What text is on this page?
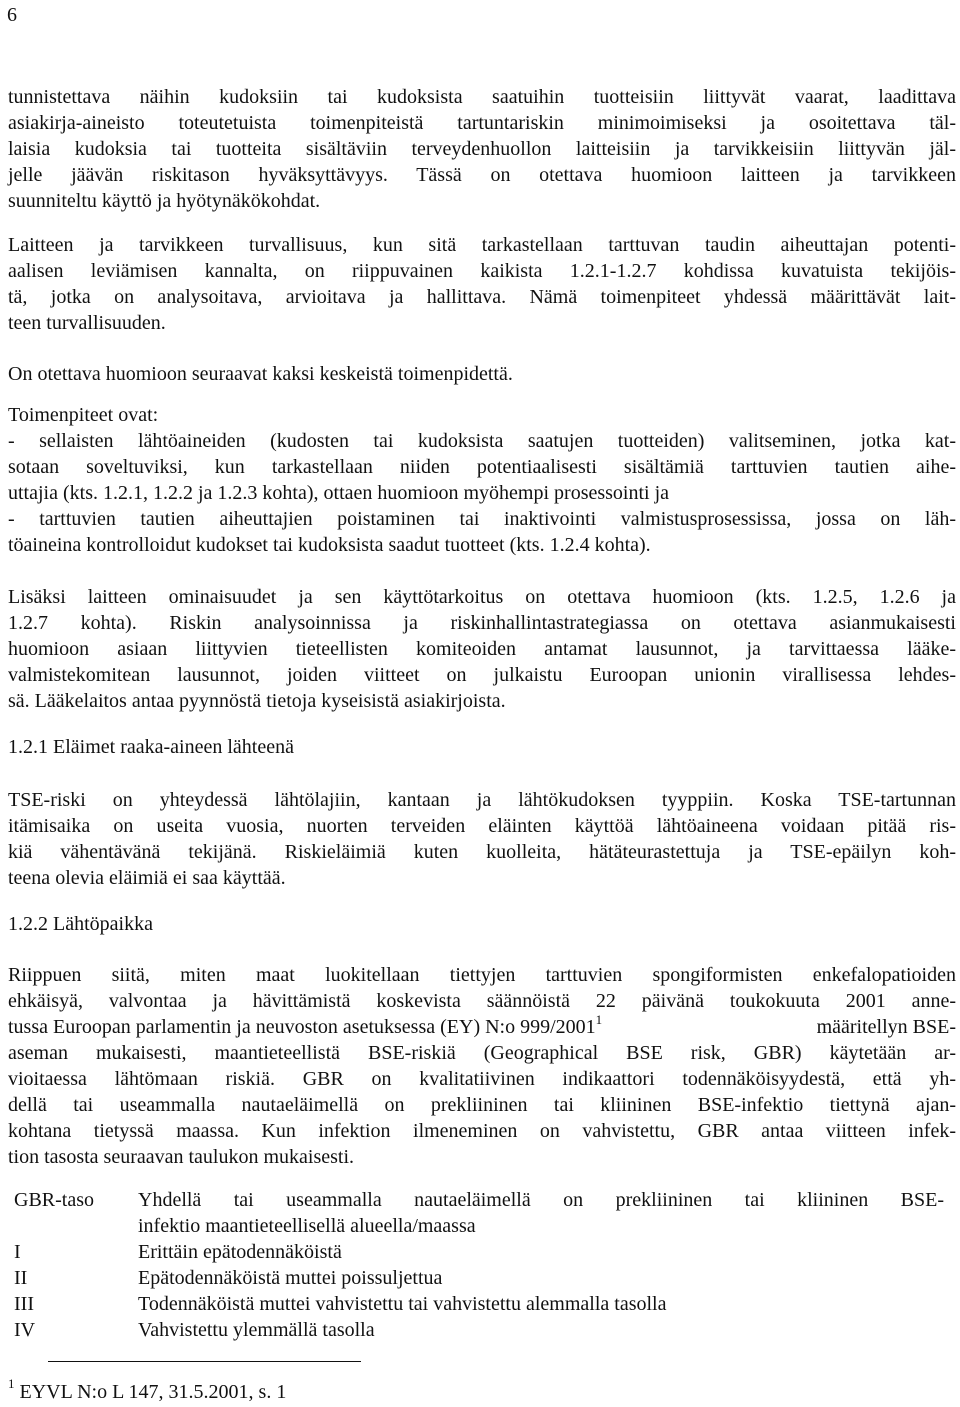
6
tunnistettava näihin kudoksiin tai kudoksista saatuihin tuotteisiin liittyvät vaarat, laadittava
asiakirja-aineisto toteutetuista toimenpiteistä tartuntariskin minimoimiseksi ja osoitettava täl-
laisia kudoksia tai tuotteita sisältäviin terveydenhuollon laitteisiin ja tarvikkeisiin liittyvän jäl-
jelle jäävän riskitason hyväksyttävyys. Tässä on otettava huomioon laitteen ja tarvikkeen
suunniteltu käyttö ja hyötynäkökohdat.
Laitteen ja tarvikkeen turvallisuus, kun sitä tarkastellaan tarttuvan taudin aiheuttajan potenti-
aalisen leviämisen kannalta, on riippuvainen kaikista 1.2.1-1.2.7 kohdissa kuvatuista tekijöis-
tä, jotka on analysoitava, arvioitava ja hallittava. Nämä toimenpiteet yhdessä määrittävät lait-
teen turvallisuuden.
On otettava huomioon seuraavat kaksi keskeistä toimenpidettä.
Toimenpiteet ovat:
- sellaisten lähtöaineiden (kudosten tai kudoksista saatujen tuotteiden) valitseminen, jotka kat-
sotaan soveltuviksi, kun tarkastellaan niiden potentiaalisesti sisältämiä tarttuvien tautien aihe-
uttajia (kts. 1.2.1, 1.2.2 ja 1.2.3 kohta), ottaen huomioon myöhempi prosessointi ja
- tarttuvien tautien aiheuttajien poistaminen tai inaktivointi valmistusprosessissa, jossa on läh-
töaineina kontrolloidut kudokset tai kudoksista saadut tuotteet (kts. 1.2.4 kohta).
Lisäksi laitteen ominaisuudet ja sen käyttötarkoitus on otettava huomioon (kts. 1.2.5, 1.2.6 ja
1.2.7 kohta). Riskin analysoinnissa ja riskinhallintastrategiassa on otettava asianmukaisesti
huomioon asiaan liittyvien tieteellisten komiteoiden antamat lausunnot, ja tarvittaessa lääke-
valmistekomitean lausunnot, joiden viitteet on julkaistu Euroopan unionin virallisessa lehdes-
sä. Lääkelaitos antaa pyynnöstä tietoja kyseisistä asiakirjoista.
1.2.1 Eläimet raaka-aineen lähteenä
TSE-riski on yhteydessä lähtölajiin, kantaan ja lähtökudoksen tyyppiin. Koska TSE-tartunnan
itämisaika on useita vuosia, nuorten terveiden eläinten käyttöä lähtöaineena voidaan pitää ris-
kiä vähentävänä tekijänä. Riskieläimiä kuten kuolleita, hätäteurastettuja ja TSE-epäilyn koh-
teena olevia eläimiä ei saa käyttää.
1.2.2 Lähtöpaikka
Riippuen siitä, miten maat luokitellaan tiettyjen tarttuvien spongiformisten enkefalopatioiden
ehkäisyä, valvontaa ja hävittämistä koskevista säännöistä 22 päivänä toukokuuta 2001 anne-
tussa Euroopan parlamentin ja neuvoston asetuksessa (EY) N:o 999/2001$^1$	määritellyn BSE-
aseman mukaisesti, maantieteellistä BSE-riskiä (Geographical BSE risk, GBR) käytetään ar-
vioitaessa lähtömaan riskiä. GBR on kvalitatiivinen indikaattori todennäköisyydestä, että yh-
dellä tai useammalla nautaeläimellä on prekliininen tai kliininen BSE-infektio tiettynä ajan-
kohtana tietyssä maassa. Kun infektion ilmeneminen on vahvistettu, GBR antaa viitteen infek-
tion tasosta seuraavan taulukon mukaisesti.
GBR-taso	Yhdellä tai useammalla nautaeläimellä on prekliininen tai kliininen BSE-
infektio maantieteellisellä alueella/maassa

I	Erittäin epätodennäköistä
II	Epätodennäköistä muttei poissuljettua
III	Todennäköistä muttei vahvistettu tai vahvistettu alemmalla tasolla
IV	Vahvistettu ylemmällä tasolla
$^1$ EYVL N:o L 147, 31.5.2001, s. 1
